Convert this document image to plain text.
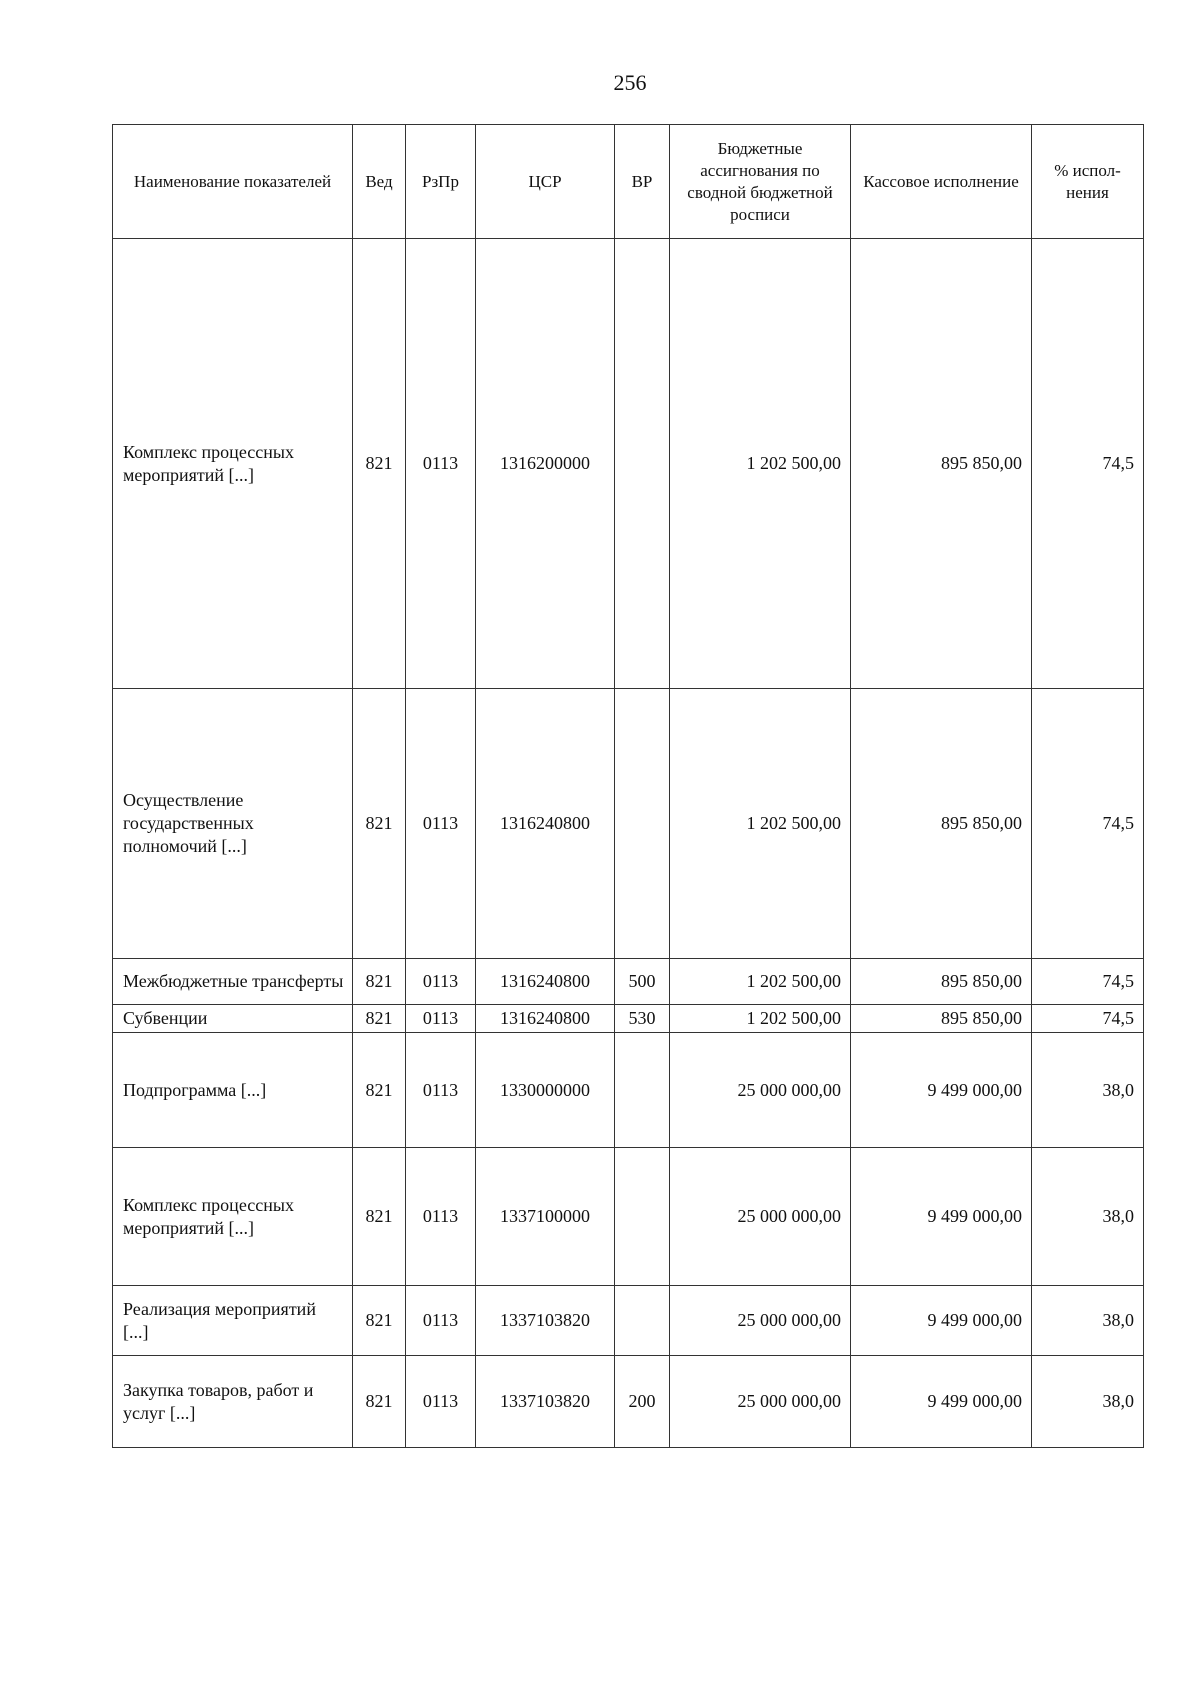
256
Наименование показателей	Вед	РзПр	ЦСР	ВР	Бюджетные ассигнования по сводной бюджетной росписи	Кассовое исполнение	% испол-нения
Комплекс процессных мероприятий [...]	821	0113	1316200000		1 202 500,00	895 850,00	74,5
Осуществление государственных полномочий [...]	821	0113	1316240800		1 202 500,00	895 850,00	74,5
Межбюджетные трансферты	821	0113	1316240800	500	1 202 500,00	895 850,00	74,5
Субвенции	821	0113	1316240800	530	1 202 500,00	895 850,00	74,5
Подпрограмма [...]	821	0113	1330000000		25 000 000,00	9 499 000,00	38,0
Комплекс процессных мероприятий [...]	821	0113	1337100000		25 000 000,00	9 499 000,00	38,0
Реализация мероприятий [...]	821	0113	1337103820		25 000 000,00	9 499 000,00	38,0
Закупка товаров, работ и услуг [...]	821	0113	1337103820	200	25 000 000,00	9 499 000,00	38,0
